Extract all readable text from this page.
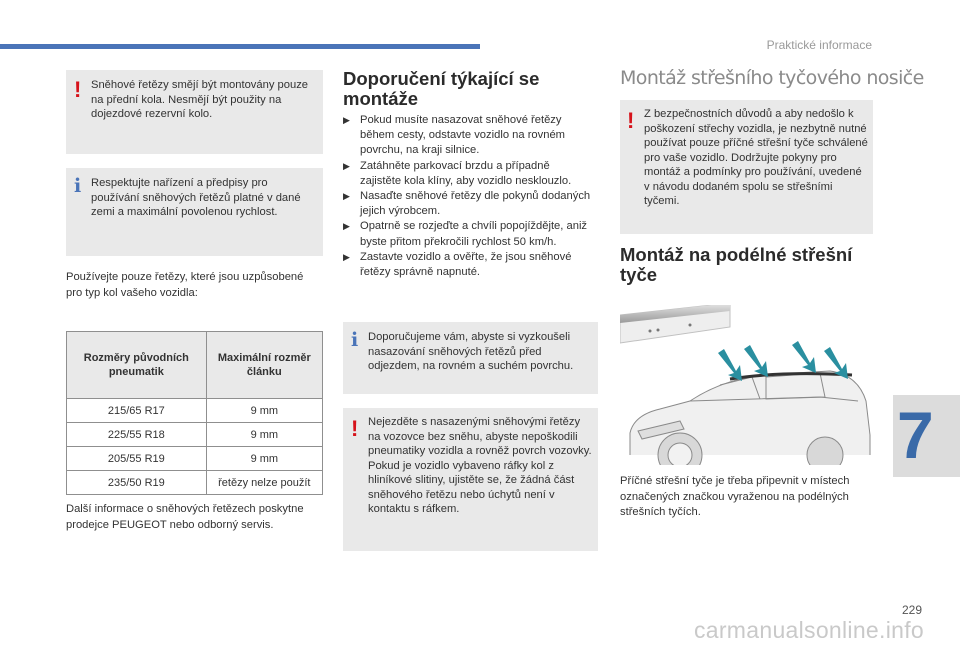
Praktické informace
! Sněhové řetězy smějí být montovány pouze na přední kola. Nesmějí být použity na dojezdové rezervní kolo.
i Respektujte nařízení a předpisy pro používání sněhových řetězů platné v dané zemi a maximální povolenou rychlost.
Používejte pouze řetězy, které jsou uzpůsobené pro typ kol vašeho vozidla:
Rozměry původních pneumatik	Maximální rozměr článku
215/65 R17	9 mm
225/55 R18	9 mm
205/55 R19	9 mm
235/50 R19	řetězy nelze použít
Další informace o sněhových řetězech poskytne prodejce PEUGEOT nebo odborný servis.
Doporučení týkající se montáže
▶ Pokud musíte nasazovat sněhové řetězy během cesty, odstavte vozidlo na rovném povrchu, na kraji silnice.
▶ Zatáhněte parkovací brzdu a případně zajistěte kola klíny, aby vozidlo nesklouzlo.
▶ Nasaďte sněhové řetězy dle pokynů dodaných jejich výrobcem.
▶ Opatrně se rozjeďte a chvíli popojíždějte, aniž byste přitom překročili rychlost 50 km/h.
▶ Zastavte vozidlo a ověřte, že jsou sněhové řetězy správně napnuté.
i Doporučujeme vám, abyste si vyzkoušeli nasazování sněhových řetězů před odjezdem, na rovném a suchém povrchu.
! Nejezděte s nasazenými sněhovými řetězy na vozovce bez sněhu, abyste nepoškodili pneumatiky vozidla a rovněž povrch vozovky. Pokud je vozidlo vybaveno ráfky kol z hliníkové slitiny, ujistěte se, že žádná část sněhového řetězu nebo úchytů není v kontaktu s ráfkem.
Montáž střešního tyčového nosiče
! Z bezpečnostních důvodů a aby nedošlo k poškození střechy vozidla, je nezbytně nutné používat pouze příčné střešní tyče schválené pro vaše vozidlo. Dodržujte pokyny pro montáž a podmínky pro používání, uvedené v návodu dodaném spolu se střešními tyčemi.
Montáž na podélné střešní tyče
Příčné střešní tyče je třeba připevnit v místech označených značkou vyraženou na podélných střešních tyčích.
7
229
carmanualsonline.info
